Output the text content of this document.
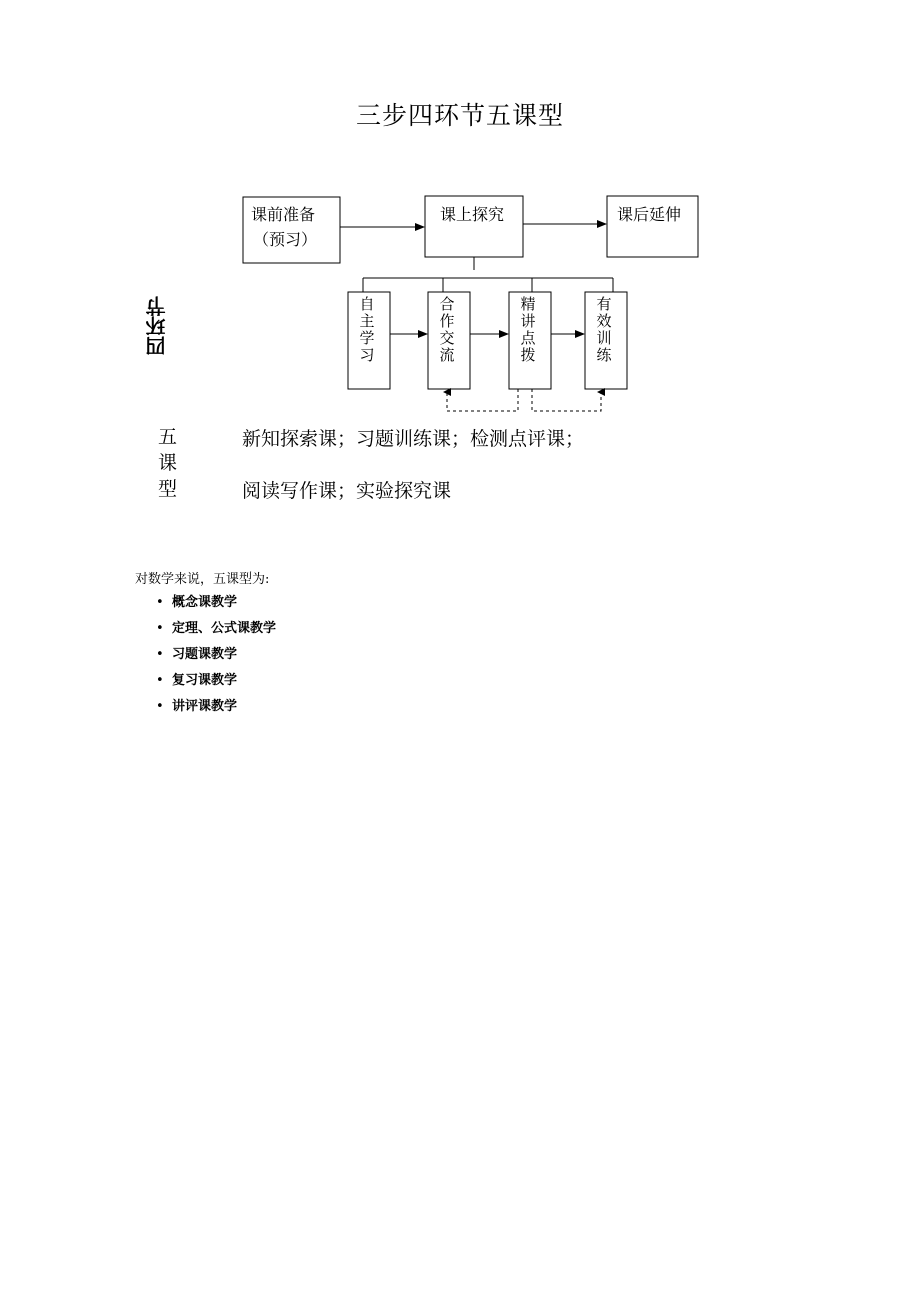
三步四环节五课型
课前准备
（预习）
课上探究	课后延伸
自主学习
合作交流
精讲点拨
有效训练
四环节
五
课
型
新知探索课；习题训练课；检测点评课；
阅读写作课；实验探究课
对数学来说，五课型为:
• 概念课教学
• 定理、公式课教学
• 习题课教学
• 复习课教学
• 讲评课教学
